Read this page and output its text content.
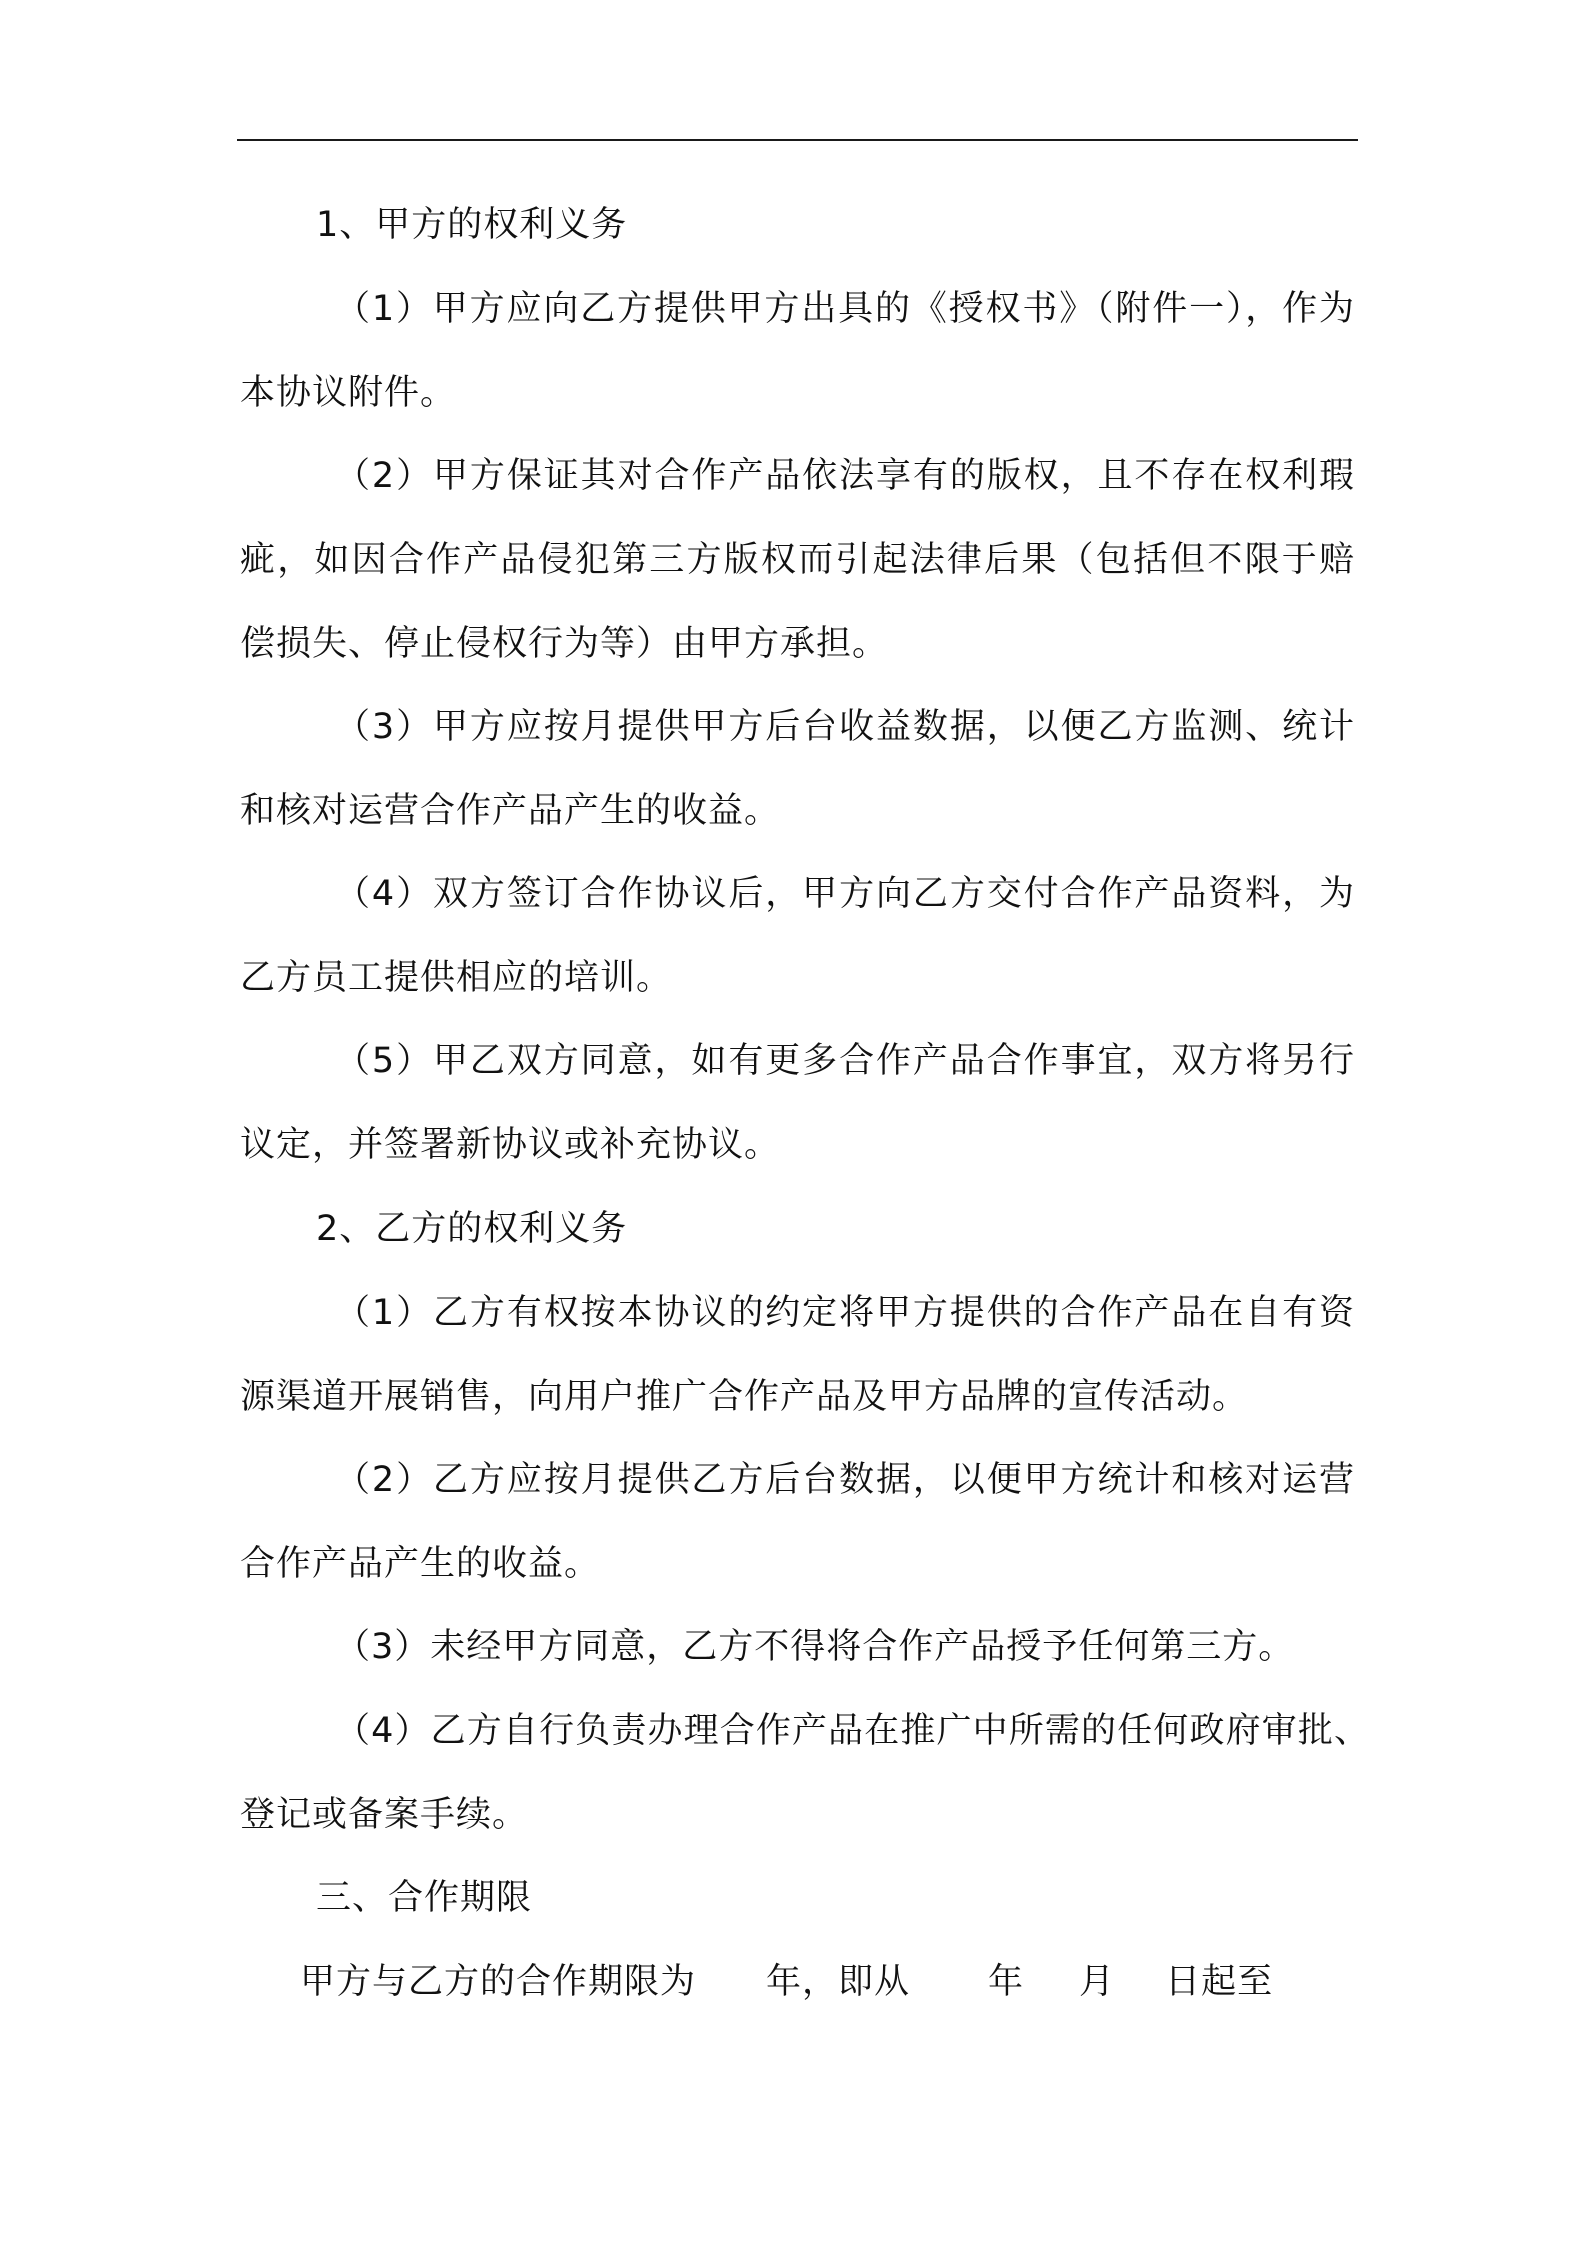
1、甲方的权利义务
（1）甲方应向乙方提供甲方出具的《授权书》（附件一），作为
本协议附件。
（2）甲方保证其对合作产品依法享有的版权，且不存在权利瑕
疵，如因合作产品侵犯第三方版权而引起法律后果（包括但不限于赔
偿损失、停止侵权行为等）由甲方承担。
（3）甲方应按月提供甲方后台收益数据，以便乙方监测、统计
和核对运营合作产品产生的收益。
（4）双方签订合作协议后，甲方向乙方交付合作产品资料，为
乙方员工提供相应的培训。
（5）甲乙双方同意，如有更多合作产品合作事宜，双方将另行
议定，并签署新协议或补充协议。
2、乙方的权利义务
（1）乙方有权按本协议的约定将甲方提供的合作产品在自有资
源渠道开展销售，向用户推广合作产品及甲方品牌的宣传活动。
（2）乙方应按月提供乙方后台数据，以便甲方统计和核对运营
合作产品产生的收益。
（3）未经甲方同意，乙方不得将合作产品授予任何第三方。
（4）乙方自行负责办理合作产品在推广中所需的任何政府审批、
登记或备案手续。
三、合作期限
甲方与乙方的合作期限为 年，即从 年 月 日起至
